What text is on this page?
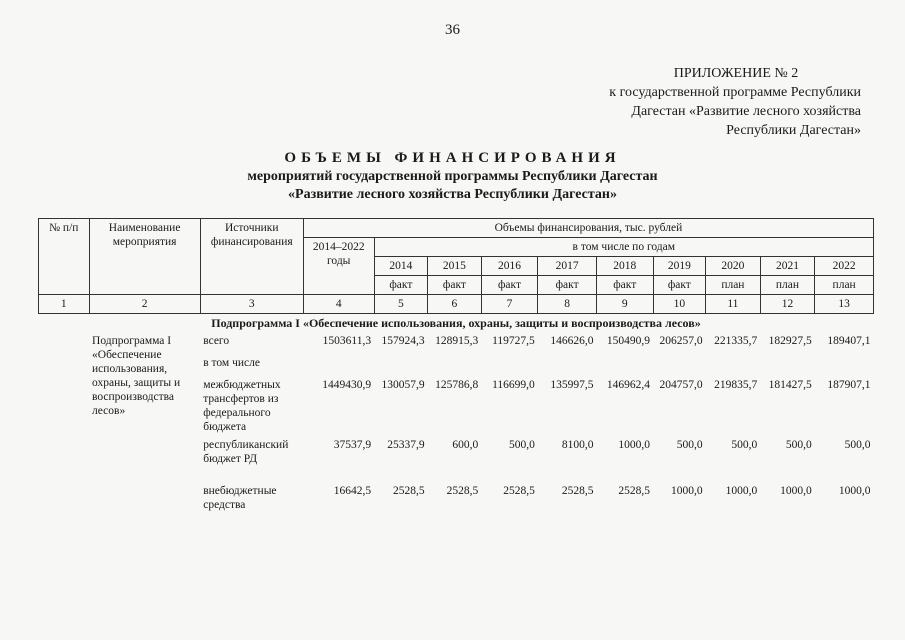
36
ПРИЛОЖЕНИЕ № 2
к государственной программе Республики
Дагестан «Развитие лесного хозяйства
Республики Дагестан»
ОБЪЕМЫ ФИНАНСИРОВАНИЯ
мероприятий государственной программы Республики Дагестан
«Развитие лесного хозяйства Республики Дагестан»
№ п/п	Наименование мероприятия	Источники финансирования	Объемы финансирования, тыс. рублей									
			2014–2022 годы	в том числе по годам								
				2014	2015	2016	2017	2018	2019	2020	2021	2022
				факт	факт	факт	факт	факт	факт	план	план	план
1	2	3	4	5	6	7	8	9	10	11	12	13
Подпрограмма I «Обеспечение использования, охраны, защиты и воспроизводства лесов»												
	Подпрограмма I «Обеспечение использования, охраны, защиты и воспроизводства лесов»	всего	1503611,3	157924,3	128915,3	119727,5	146626,0	150490,9	206257,0	221335,7	182927,5	189407,1
		в том числе										
		межбюджетных трансфертов из федерального бюджета	1449430,9	130057,9	125786,8	116699,0	135997,5	146962,4	204757,0	219835,7	181427,5	187907,1
		республиканский бюджет РД	37537,9	25337,9	600,0	500,0	8100,0	1000,0	500,0	500,0	500,0	500,0
		внебюджетные средства	16642,5	2528,5	2528,5	2528,5	2528,5	2528,5	1000,0	1000,0	1000,0	1000,0
